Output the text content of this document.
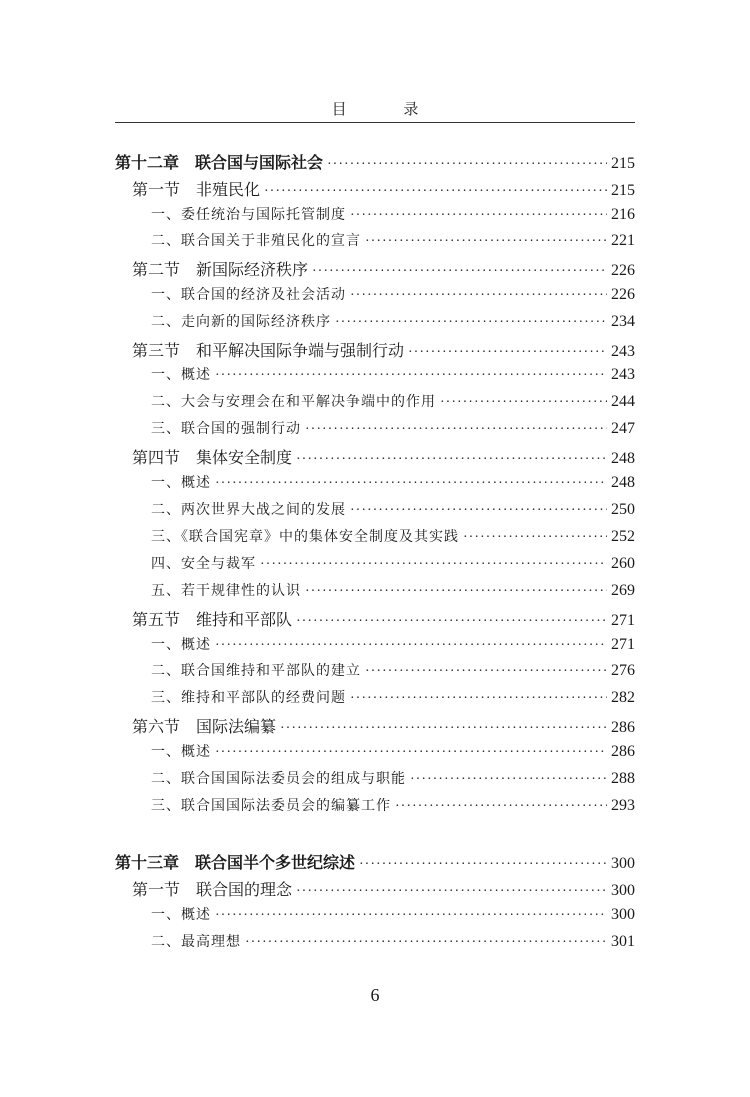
目 录
第十二章　联合国与国际社会 ·····	215
第一节　非殖民化 ·····	215
一、委任统治与国际托管制度 ·····	216
二、联合国关于非殖民化的宣言 ·····	221
第二节　新国际经济秩序 ·····	226
一、联合国的经济及社会活动 ·····	226
二、走向新的国际经济秩序 ·····	234
第三节　和平解决国际争端与强制行动 ·····	243
一、概述 ·····	243
二、大会与安理会在和平解决争端中的作用 ·····	244
三、联合国的强制行动 ·····	247
第四节　集体安全制度 ·····	248
一、概述 ·····	248
二、两次世界大战之间的发展 ·····	250
三、《联合国宪章》中的集体安全制度及其实践 ·····	252
四、安全与裁军 ·····	260
五、若干规律性的认识 ·····	269
第五节　维持和平部队 ·····	271
一、概述 ·····	271
二、联合国维持和平部队的建立 ·····	276
三、维持和平部队的经费问题 ·····	282
第六节　国际法编纂 ·····	286
一、概述 ·····	286
二、联合国国际法委员会的组成与职能 ·····	288
三、联合国国际法委员会的编纂工作 ·····	293
第十三章　联合国半个多世纪综述 ·····	300
第一节　联合国的理念 ·····	300
一、概述 ·····	300
二、最高理想 ·····	301
6
